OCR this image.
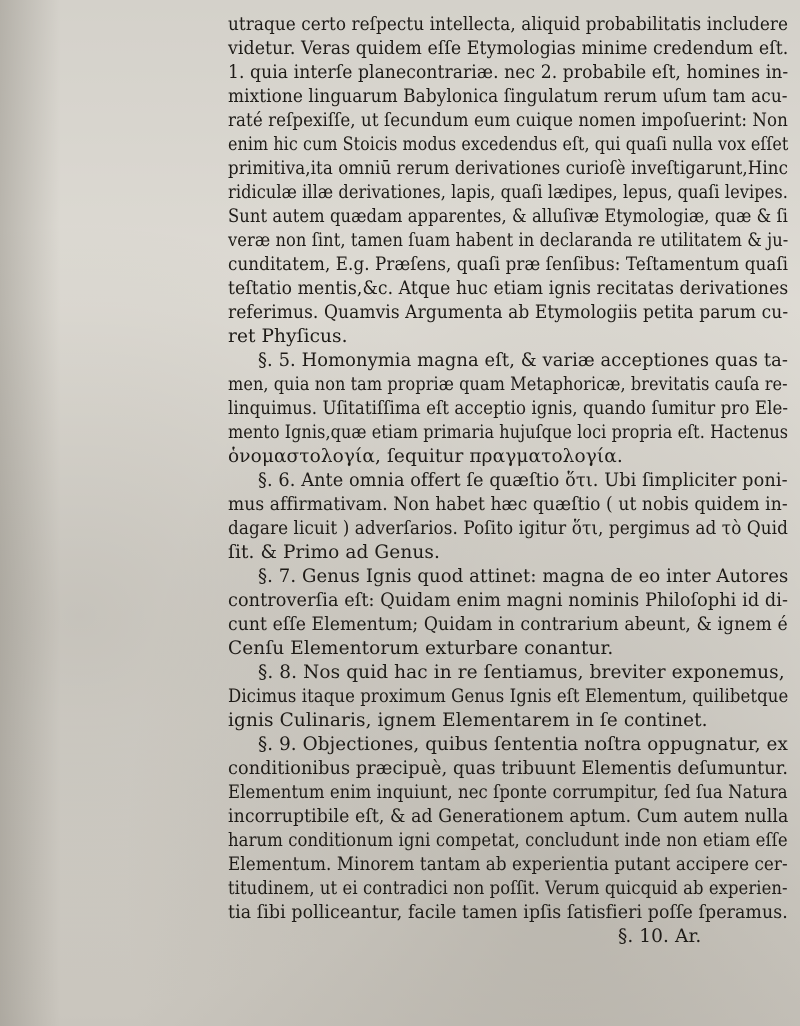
utraque certo reſpectu intellecta, aliquid probabilitatis includere
videtur. Veras quidem eſſe Etymologias minime credendum eſt.
1. quia interſe planecontrariæ. nec 2. probabile eſt, homines in-
mixtione linguarum Babylonica ſingulatum rerum uſum tam acu-
raté reſpexiſſe, ut ſecundum eum cuique nomen impoſuerint: Non
enim hic cum Stoicis modus excedendus eſt, qui quaſi nulla vox eſſet
primitiva,ita omniū rerum derivationes curioſè inveſtigarunt,Hinc
ridiculæ illæ derivationes, lapis, quaſi lædipes, lepus, quaſi levipes.
Sunt autem quædam apparentes, & alluſivæ Etymologiæ, quæ & ſi
veræ non ſint, tamen ſuam habent in declaranda re utilitatem & ju-
cunditatem, E.g. Præſens, quaſi præ ſenſibus: Teſtamentum quaſi
teſtatio mentis,&c. Atque huc etiam ignis recitatas derivationes
referimus. Quamvis Argumenta ab Etymologiis petita parum cu-
ret Phyſicus.
§. 5. Homonymia magna eſt, & variæ acceptiones quas ta-
men, quia non tam propriæ quam Metaphoricæ, brevitatis cauſa re-
linquimus. Uſitatiſſima eſt acceptio ignis, quando ſumitur pro Ele-
mento Ignis,quæ etiam primaria hujuſque loci propria eſt. Hactenus
ὁνομαστολογία, ſequitur πραγματολογία.
§. 6. Ante omnia offert ſe quæſtio ὅτι. Ubi ſimpliciter poni-
mus affirmativam. Non habet hæc quæſtio ( ut nobis quidem in-
dagare licuit ) adverſarios. Poſito igitur ὅτι, pergimus ad τὸ Quid
ſit. & Primo ad Genus.
§. 7. Genus Ignis quod attinet: magna de eo inter Autores
controverſia eſt: Quidam enim magni nominis Philoſophi id di-
cunt eſſe Elementum; Quidam in contrarium abeunt, & ignem é
Cenſu Elementorum exturbare conantur.
§. 8. Nos quid hac in re ſentiamus, breviter exponemus,
Dicimus itaque proximum Genus Ignis eſt Elementum, quilibetque
ignis Culinaris, ignem Elementarem in ſe continet.
§. 9. Objectiones, quibus ſententia noſtra oppugnatur, ex
conditionibus præcipuè, quas tribuunt Elementis deſumuntur.
Elementum enim inquiunt, nec ſponte corrumpitur, ſed ſua Natura
incorruptibile eſt, & ad Generationem aptum. Cum autem nulla
harum conditionum igni competat, concludunt inde non etiam eſſe
Elementum. Minorem tantam ab experientia putant accipere cer-
titudinem, ut ei contradici non poſſit. Verum quicquid ab experien-
tia ſibi polliceantur, facile tamen ipſis ſatisfieri poſſe ſperamus.
§. 10. Ar.
